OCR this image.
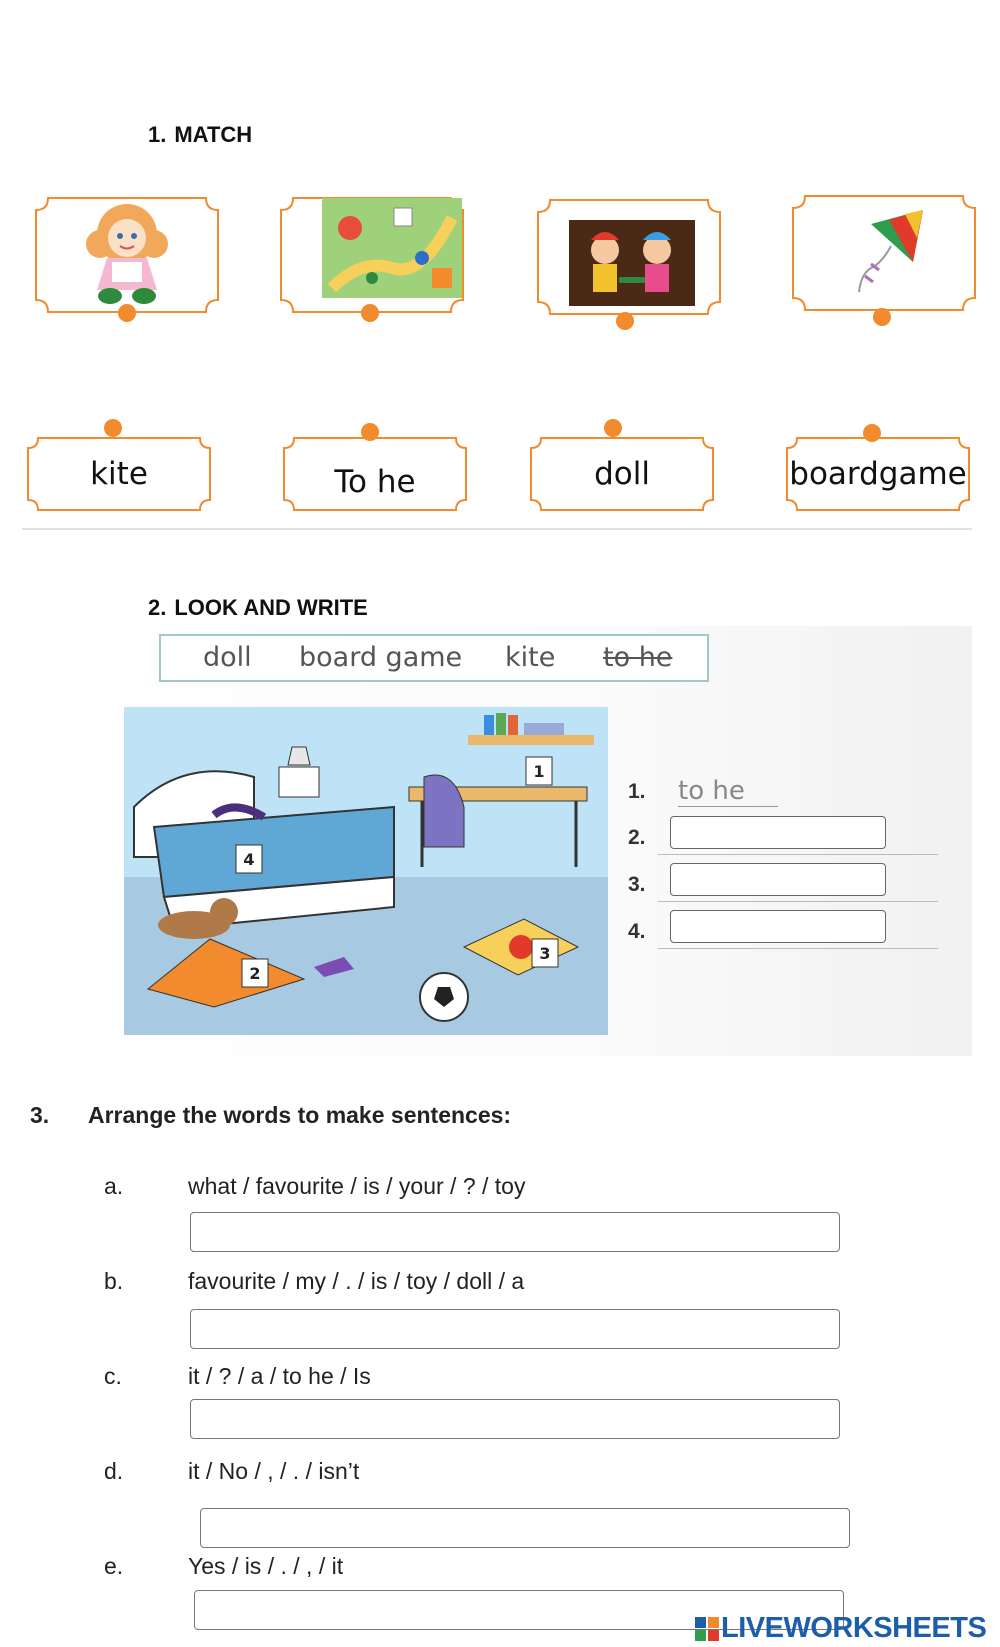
1. MATCH
kite	To he	doll	boardgame
2. LOOK AND WRITE
doll board game kite to he
1
2
3
4
1. to he
2.
3.
4.
3. Arrange the words to make sentences:
a.	what / favourite / is / your / ? / toy
b.	favourite / my / . / is / toy / doll / a
c.	it / ? / a / to he / Is
d.	it / No / , / . / isn’t
e.	Yes / is / . / , / it
LIVEWORKSHEETS
